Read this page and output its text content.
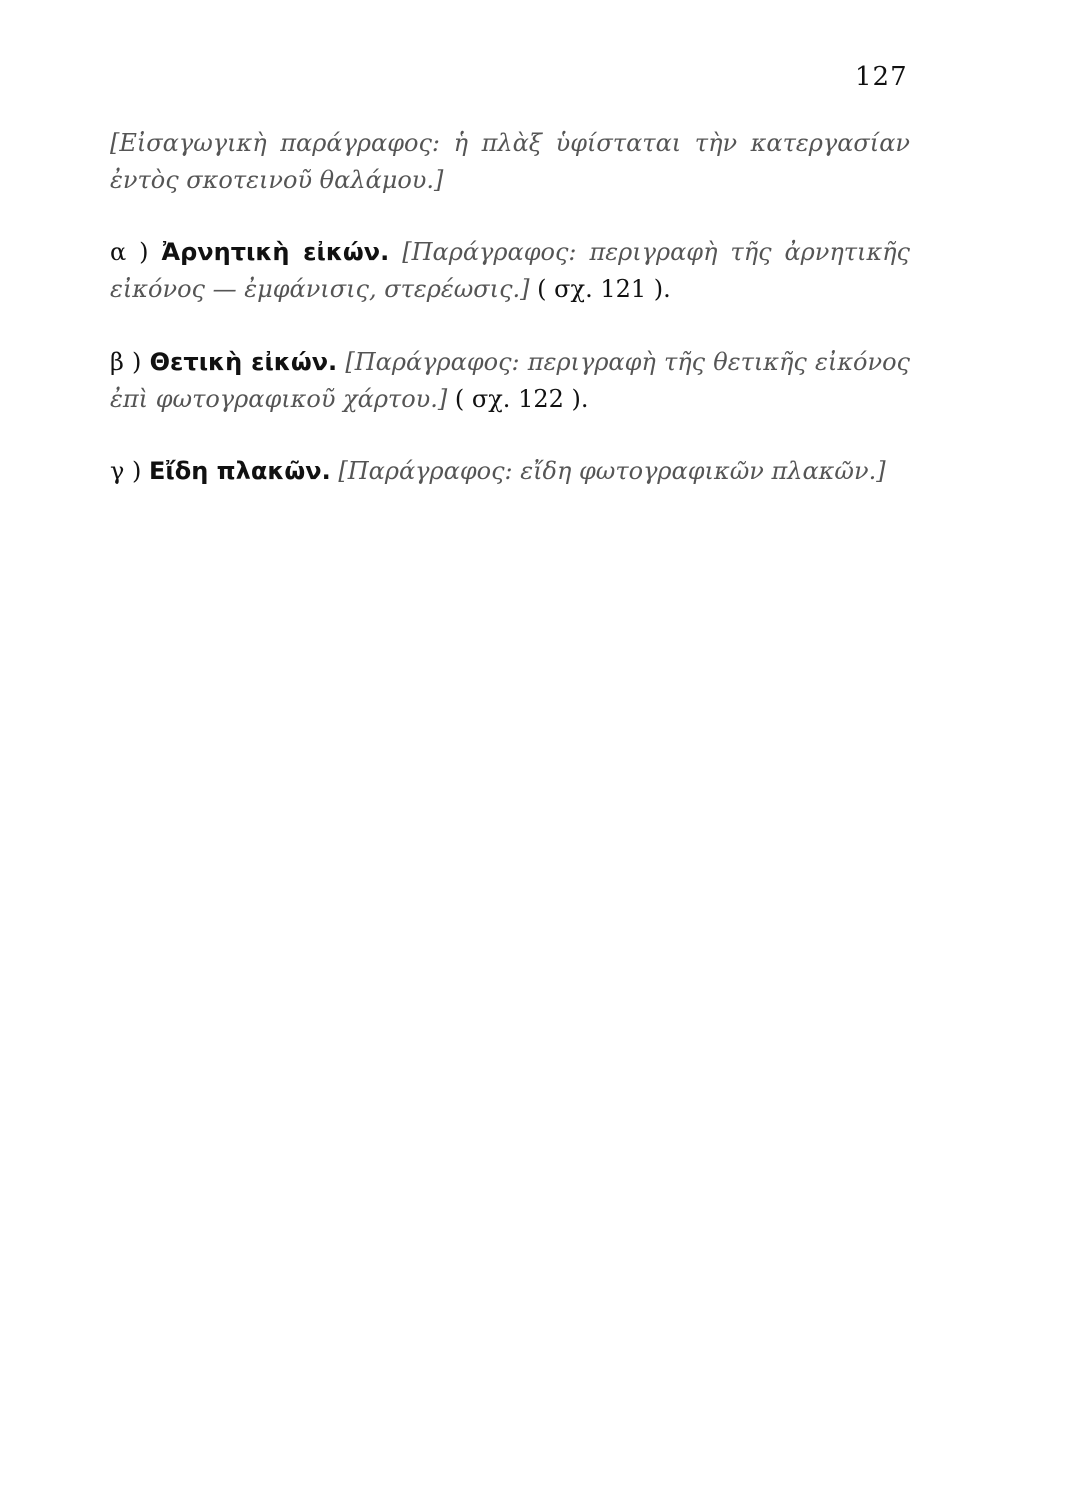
127

[Εἰσαγωγικὴ παράγραφος: ἡ πλὰξ ὑφίσταται τὴν κατεργασίαν ἐντὸς σκοτεινοῦ θαλάμου.]

α ) Ἀρνητικὴ εἰκών. [Παράγραφος: περιγραφὴ τῆς ἀρνητικῆς εἰκόνος — ἐμφάνισις, στερέωσις.] ( σχ. 121 ).

β ) Θετικὴ εἰκών. [Παράγραφος: περιγραφὴ τῆς θετικῆς εἰκόνος ἐπὶ φωτογραφικοῦ χάρτου.] ( σχ. 122 ).

γ ) Εἴδη πλακῶν. [Παράγραφος: εἴδη φωτογραφικῶν πλακῶν.]
